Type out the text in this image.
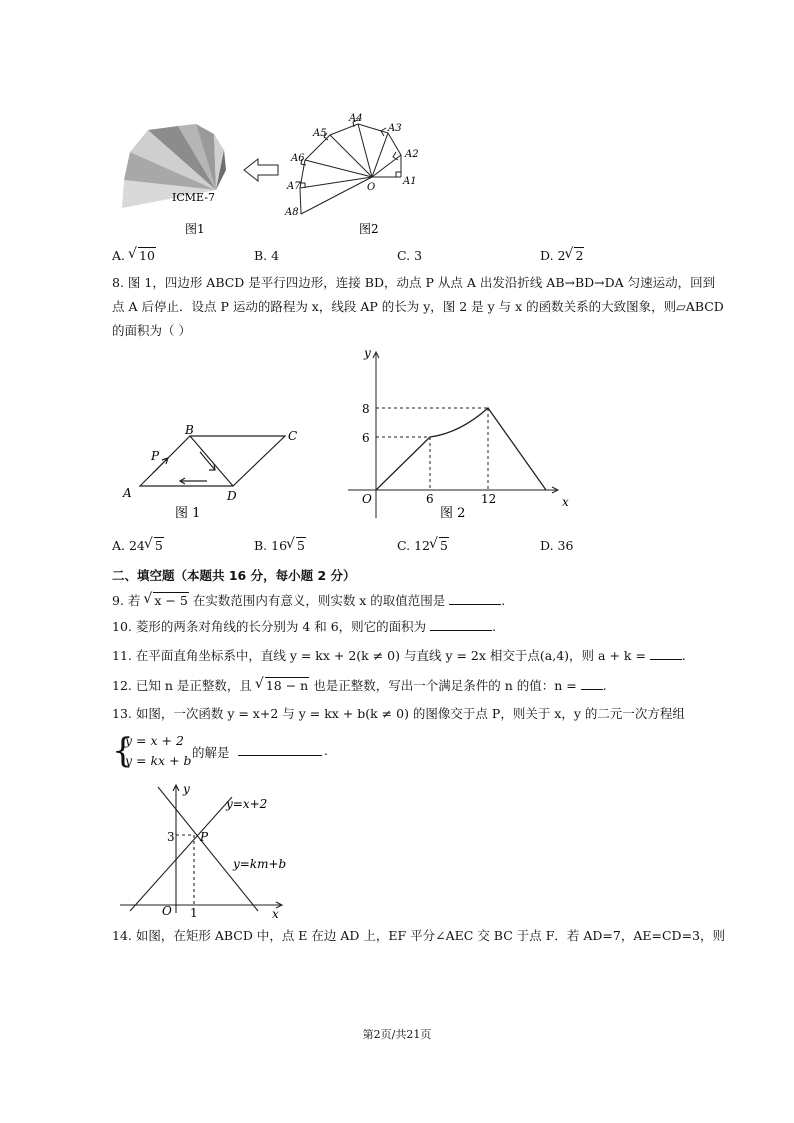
ICME-7
图1
A1
A2
A3
A4
A5
A6
A7
A8
O
图2
A. √ 10	B. 4	C. 3	D. 2 √ 2
8. 图 1，四边形 ABCD 是平行四边形，连接 BD，动点 P 从点 A 出发沿折线 AB→BD→DA 匀速运动，回到
点 A 后停止．设点 P 运动的路程为 x，线段 AP 的长为 y，图 2 是 y 与 x 的函数关系的大致图象，则▱ABCD
的面积为（ ）
A
B	C
D
P
图 1
y
x
O
8
6
6	12
图 2
A. 24 √ 5	B. 16 √ 5	C. 12 √ 5	D. 36
二、填空题（本题共 16 分，每小题 2 分）
9. 若 √ x − 5 在实数范围内有意义，则实数 x 的取值范围是	.
10. 菱形的两条对角线的长分别为 4 和 6，则它的面积为	.
11. 在平面直角坐标系中，直线 y = kx + 2(k ≠ 0) 与直线 y = 2x 相交于点(a,4)，则 a + k =	.
12. 已知 n 是正整数，且 √ 18 − n 也是正整数，写出一个满足条件的 n 的值：n = .
13. 如图，一次函数 y = x+2 与 y = kx + b(k ≠ 0) 的图像交于点 P，则关于 x，y 的二元一次方程组
{
y = x + 2
y = kx + b
的解是	.
y
x
O
3
1
P
y=x+2
y=km+b
14. 如图，在矩形 ABCD 中，点 E 在边 AD 上，EF 平分∠AEC 交 BC 于点 F．若 AD=7，AE=CD=3，则
第2页/共21页
